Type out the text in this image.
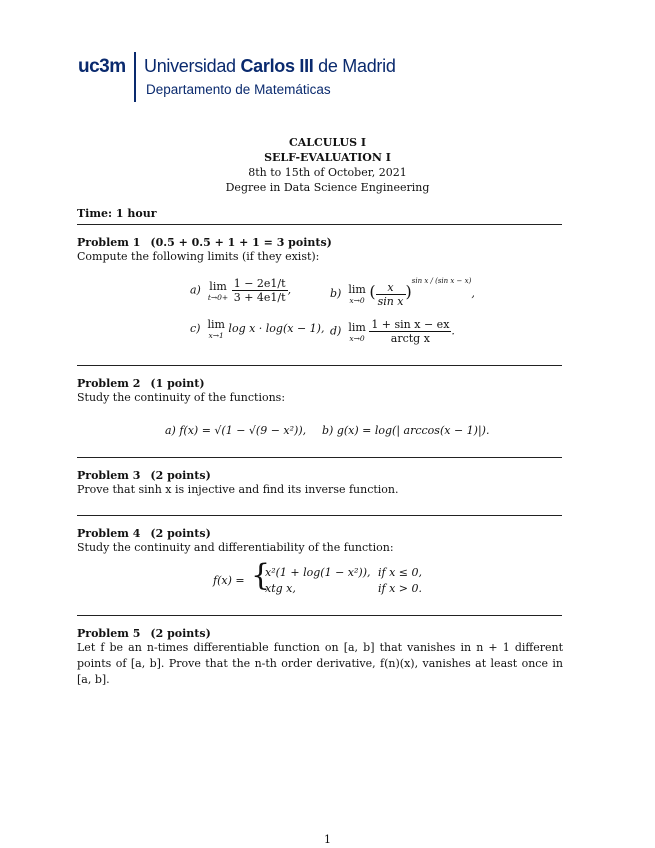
uc3m Universidad Carlos III de Madrid
Departamento de Matemáticas
CALCULUS I
SELF-EVALUATION I
8th to 15th of October, 2021
Degree in Data Science Engineering
Time: 1 hour
Problem 1 (0.5 + 0.5 + 1 + 1 = 3 points)
Compute the following limits (if they exist):
a) lim
t→0+
$\frac{1 - 2e1/t}{3 + 4e1/t}$ ,	b) lim
x→0 ( $\frac{x}{\text{sin x}} )^{sin x / (sin x - x)}$,
c) lim
x→1
log x · log(x − 1), d) lim
x→0
$\frac{\text{1 + sin x − ex}}{\text{arctg x}}$ .
Problem 2 (1 point)
Study the continuity of the functions:
a) f(x) = √(1 − √(9 − x²)), b) g(x) = log(| arccos(x − 1)|).
Problem 3 (2 points)
Prove that sinh x is injective and find its inverse function.
Problem 4 (2 points)
Study the continuity and differentiability of the function:
f(x) = {
x²(1 + log(1 − x²)), if x ≤ 0,
xtg x,	if x > 0.
Problem 5 (2 points)
Let f be an n-times differentiable function on [a, b] that vanishes in n + 1 different points of [a, b]. Prove that the n-th order derivative, f(n)(x), vanishes at least once in [a, b].
1
